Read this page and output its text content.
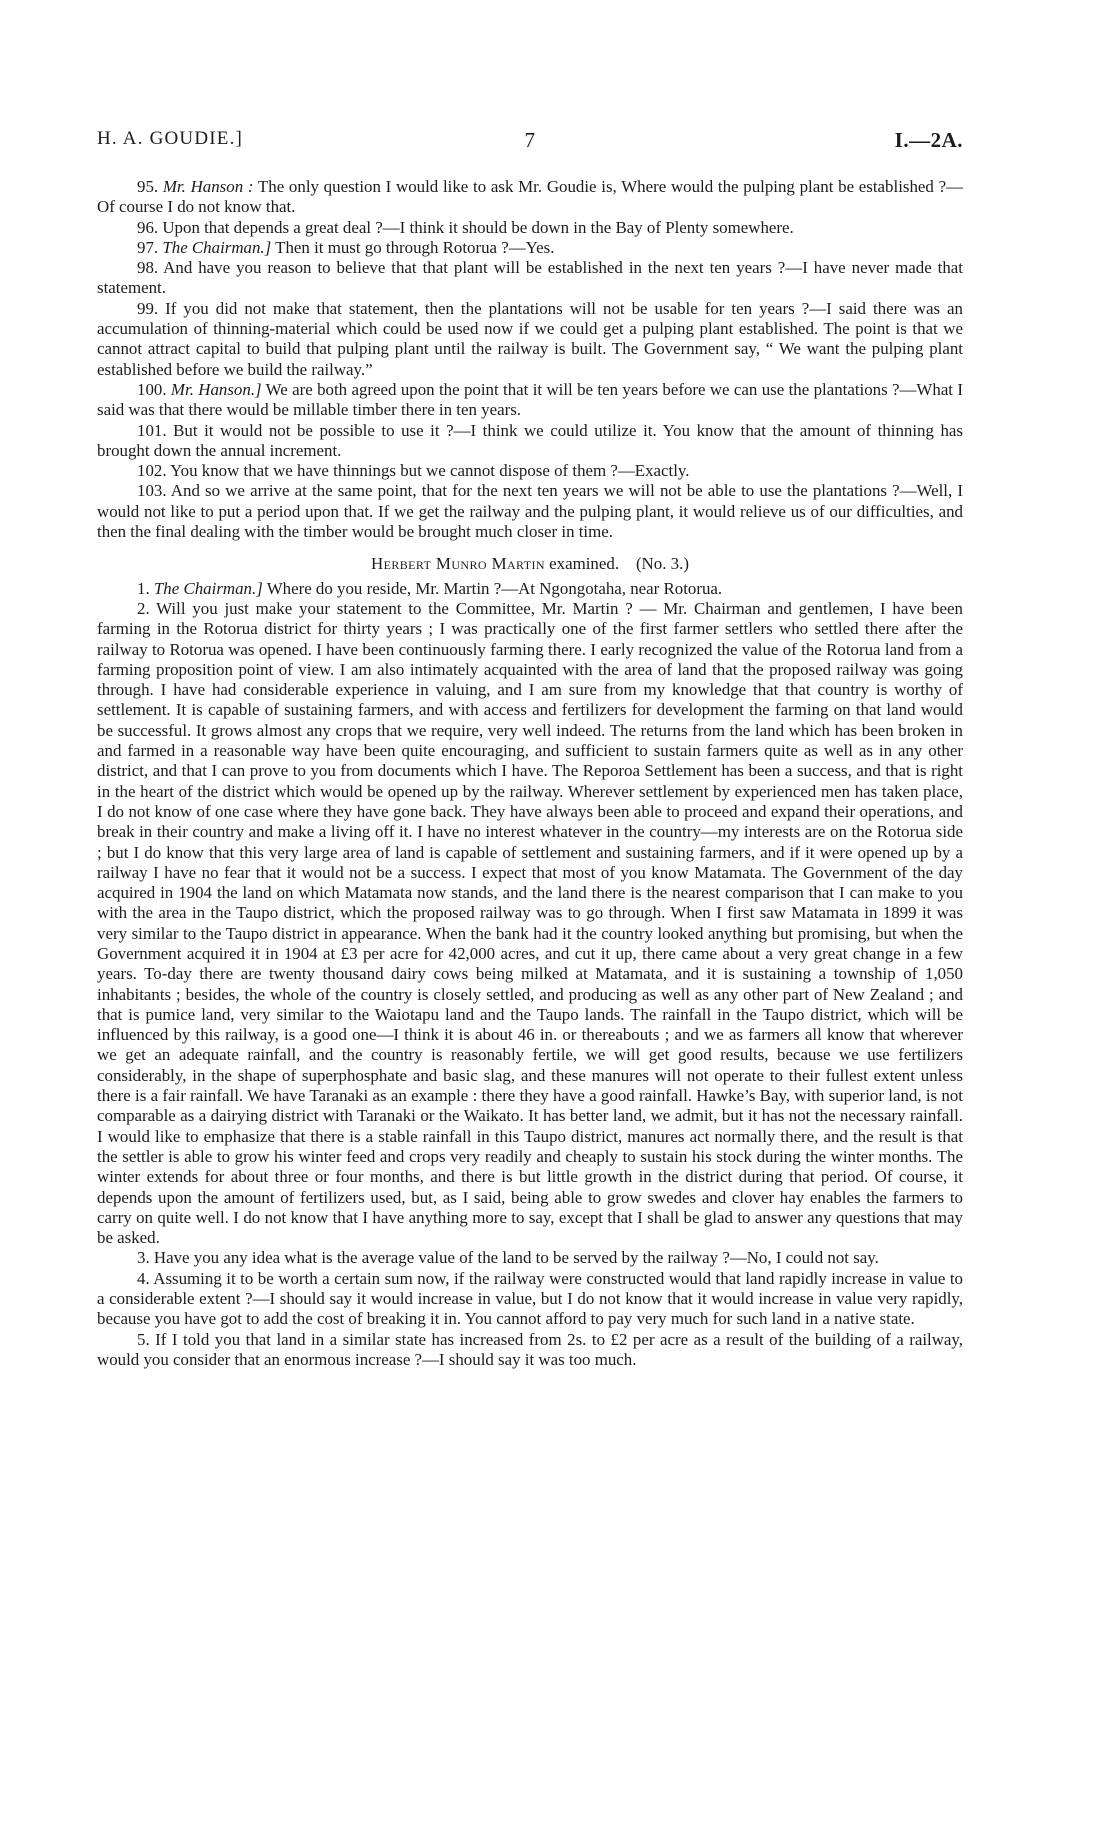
H. A. GOUDIE.]	7	I.—2A.

95. Mr. Hanson : The only question I would like to ask Mr. Goudie is, Where would the pulping plant be established ?—Of course I do not know that.

96. Upon that depends a great deal ?—I think it should be down in the Bay of Plenty somewhere.

97. The Chairman.] Then it must go through Rotorua ?—Yes.

98. And have you reason to believe that that plant will be established in the next ten years ?—I have never made that statement.

99. If you did not make that statement, then the plantations will not be usable for ten years ?—I said there was an accumulation of thinning-material which could be used now if we could get a pulping plant established. The point is that we cannot attract capital to build that pulping plant until the railway is built. The Government say, “ We want the pulping plant established before we build the railway.”

100. Mr. Hanson.] We are both agreed upon the point that it will be ten years before we can use the plantations ?—What I said was that there would be millable timber there in ten years.

101. But it would not be possible to use it ?—I think we could utilize it. You know that the amount of thinning has brought down the annual increment.

102. You know that we have thinnings but we cannot dispose of them ?—Exactly.

103. And so we arrive at the same point, that for the next ten years we will not be able to use the plantations ?—Well, I would not like to put a period upon that. If we get the railway and the pulping plant, it would relieve us of our difficulties, and then the final dealing with the timber would be brought much closer in time.

Herbert Munro Martin examined. (No. 3.)

1. The Chairman.] Where do you reside, Mr. Martin ?—At Ngongotaha, near Rotorua.

2. Will you just make your statement to the Committee, Mr. Martin ? — Mr. Chairman and gentlemen, I have been farming in the Rotorua district for thirty years ; I was practically one of the first farmer settlers who settled there after the railway to Rotorua was opened. I have been continuously farming there. I early recognized the value of the Rotorua land from a farming proposition point of view. I am also intimately acquainted with the area of land that the proposed railway was going through. I have had considerable experience in valuing, and I am sure from my knowledge that that country is worthy of settlement. It is capable of sustaining farmers, and with access and fertilizers for development the farming on that land would be successful. It grows almost any crops that we require, very well indeed. The returns from the land which has been broken in and farmed in a reasonable way have been quite encouraging, and sufficient to sustain farmers quite as well as in any other district, and that I can prove to you from documents which I have. The Reporoa Settlement has been a success, and that is right in the heart of the district which would be opened up by the railway. Wherever settlement by experienced men has taken place, I do not know of one case where they have gone back. They have always been able to proceed and expand their operations, and break in their country and make a living off it. I have no interest whatever in the country—my interests are on the Rotorua side ; but I do know that this very large area of land is capable of settlement and sustaining farmers, and if it were opened up by a railway I have no fear that it would not be a success. I expect that most of you know Matamata. The Government of the day acquired in 1904 the land on which Matamata now stands, and the land there is the nearest comparison that I can make to you with the area in the Taupo district, which the proposed railway was to go through. When I first saw Matamata in 1899 it was very similar to the Taupo district in appearance. When the bank had it the country looked anything but promising, but when the Government acquired it in 1904 at £3 per acre for 42,000 acres, and cut it up, there came about a very great change in a few years. To-day there are twenty thousand dairy cows being milked at Matamata, and it is sustaining a township of 1,050 inhabitants ; besides, the whole of the country is closely settled, and producing as well as any other part of New Zealand ; and that is pumice land, very similar to the Waiotapu land and the Taupo lands. The rainfall in the Taupo district, which will be influenced by this railway, is a good one—I think it is about 46 in. or thereabouts ; and we as farmers all know that wherever we get an adequate rainfall, and the country is reasonably fertile, we will get good results, because we use fertilizers considerably, in the shape of superphosphate and basic slag, and these manures will not operate to their fullest extent unless there is a fair rainfall. We have Taranaki as an example : there they have a good rainfall. Hawke’s Bay, with superior land, is not comparable as a dairying district with Taranaki or the Waikato. It has better land, we admit, but it has not the necessary rainfall. I would like to emphasize that there is a stable rainfall in this Taupo district, manures act normally there, and the result is that the settler is able to grow his winter feed and crops very readily and cheaply to sustain his stock during the winter months. The winter extends for about three or four months, and there is but little growth in the district during that period. Of course, it depends upon the amount of fertilizers used, but, as I said, being able to grow swedes and clover hay enables the farmers to carry on quite well. I do not know that I have anything more to say, except that I shall be glad to answer any questions that may be asked.

3. Have you any idea what is the average value of the land to be served by the railway ?—No, I could not say.

4. Assuming it to be worth a certain sum now, if the railway were constructed would that land rapidly increase in value to a considerable extent ?—I should say it would increase in value, but I do not know that it would increase in value very rapidly, because you have got to add the cost of breaking it in. You cannot afford to pay very much for such land in a native state.

5. If I told you that land in a similar state has increased from 2s. to £2 per acre as a result of the building of a railway, would you consider that an enormous increase ?—I should say it was too much.
